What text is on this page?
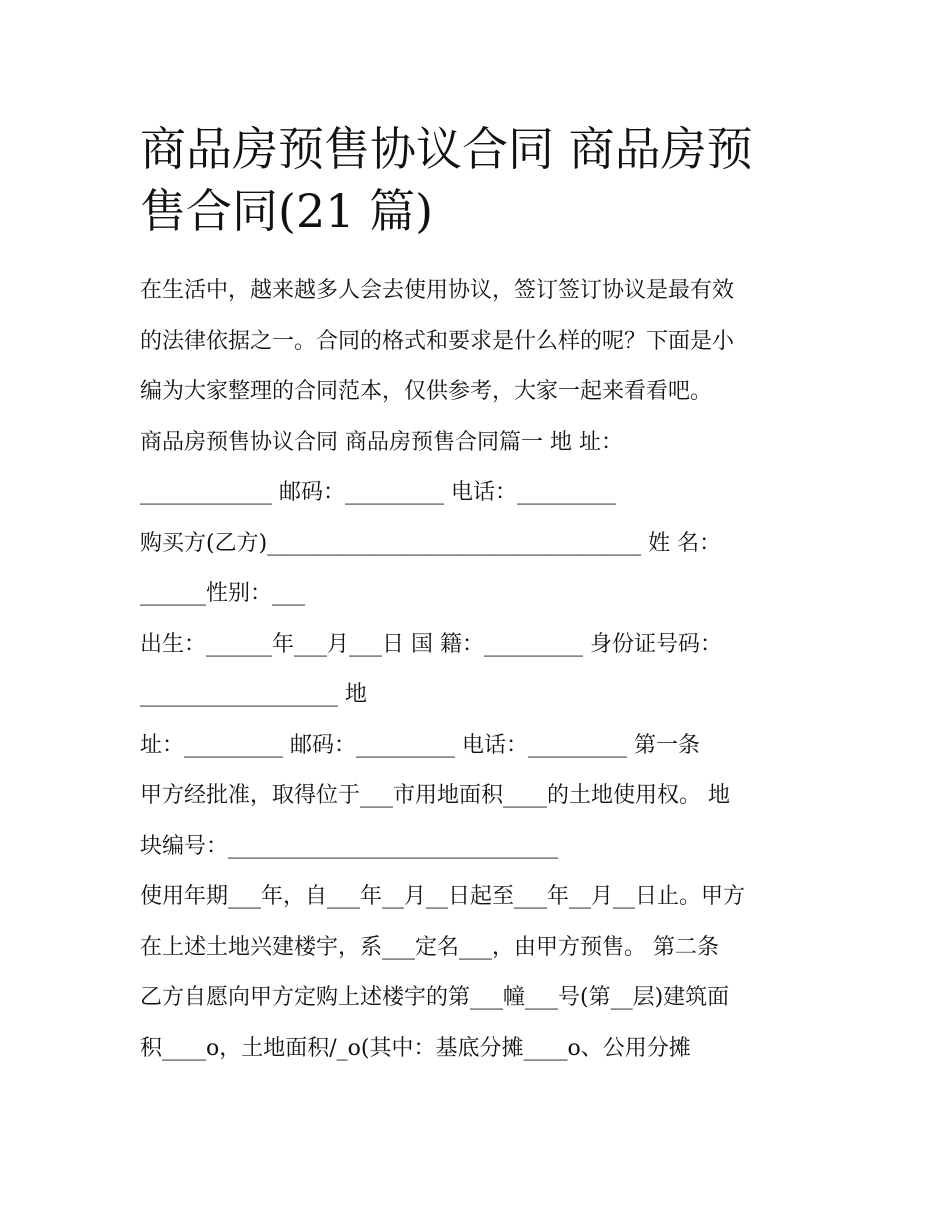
商品房预售协议合同 商品房预
售合同(21 篇)
在生活中，越来越多人会去使用协议，签订签订协议是最有效
的法律依据之一。合同的格式和要求是什么样的呢？下面是小
编为大家整理的合同范本，仅供参考，大家一起来看看吧。
商品房预售协议合同 商品房预售合同篇一 地 址：
____________ 邮码：_________ 电话：_________
购买方(乙方)__________________________________ 姓 名：
______性别：___
出生：______年___月___日 国 籍：_________ 身份证号码：
__________________ 地
址：_________ 邮码：_________ 电话：_________ 第一条
甲方经批准，取得位于___市用地面积____的土地使用权。 地
块编号：______________________________
使用年期___年，自___年__月__日起至___年__月__日止。甲方
在上述土地兴建楼宇，系___定名___，由甲方预售。 第二条
乙方自愿向甲方定购上述楼宇的第___幢___号(第__层)建筑面
积____o，土地面积/_o(其中：基底分摊____o、公用分摊
